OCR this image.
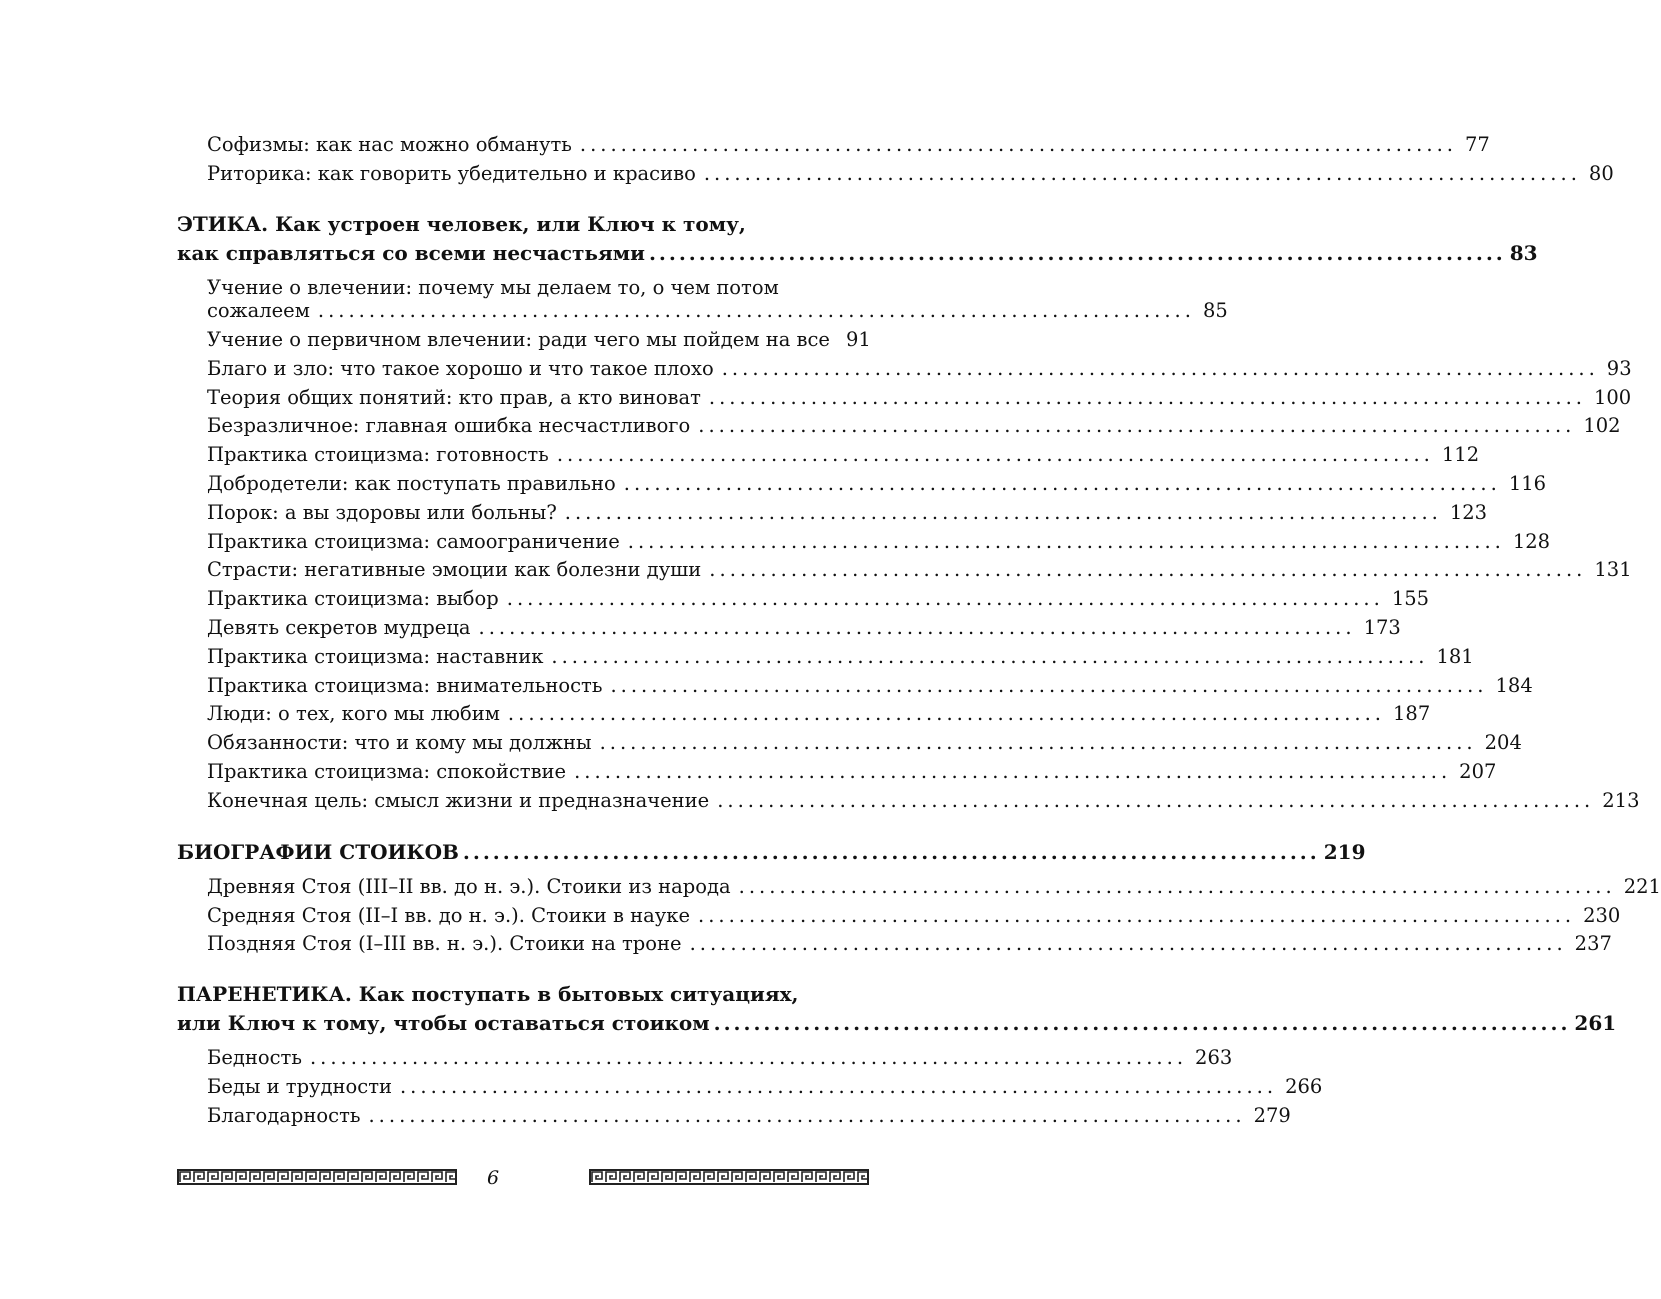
Софизмы: как нас можно обмануть ...................................................................................... 77
Риторика: как говорить убедительно и красиво ...................................................................................... 80
ЭТИКА. Как устроен человек, или Ключ к тому,
как справляться со всеми несчастьями ...................................................................................... 83
Учение о влечении: почему мы делаем то, о чем потом
сожалеем ...................................................................................... 85
Учение о первичном влечении: ради чего мы пойдем на все 91
Благо и зло: что такое хорошо и что такое плохо ...................................................................................... 93
Теория общих понятий: кто прав, а кто виноват ...................................................................................... 100
Безразличное: главная ошибка несчастливого ...................................................................................... 102
Практика стоицизма: готовность ...................................................................................... 112
Добродетели: как поступать правильно ...................................................................................... 116
Порок: а вы здоровы или больны? ...................................................................................... 123
Практика стоицизма: самоограничение ...................................................................................... 128
Страсти: негативные эмоции как болезни души ...................................................................................... 131
Практика стоицизма: выбор ...................................................................................... 155
Девять секретов мудреца ...................................................................................... 173
Практика стоицизма: наставник ...................................................................................... 181
Практика стоицизма: внимательность ...................................................................................... 184
Люди: о тех, кого мы любим ...................................................................................... 187
Обязанности: что и кому мы должны ...................................................................................... 204
Практика стоицизма: спокойствие ...................................................................................... 207
Конечная цель: смысл жизни и предназначение ...................................................................................... 213
БИОГРАФИИ СТОИКОВ ...................................................................................... 219
Древняя Стоя (III–II вв. до н. э.). Стоики из народа ...................................................................................... 221
Средняя Стоя (II–I вв. до н. э.). Стоики в науке ...................................................................................... 230
Поздняя Стоя (I–III вв. н. э.). Стоики на троне ...................................................................................... 237
ПАРЕНЕТИКА. Как поступать в бытовых ситуациях,
или Ключ к тому, чтобы оставаться стоиком ...................................................................................... 261
Бедность ...................................................................................... 263
Беды и трудности ...................................................................................... 266
Благодарность ...................................................................................... 279
6
